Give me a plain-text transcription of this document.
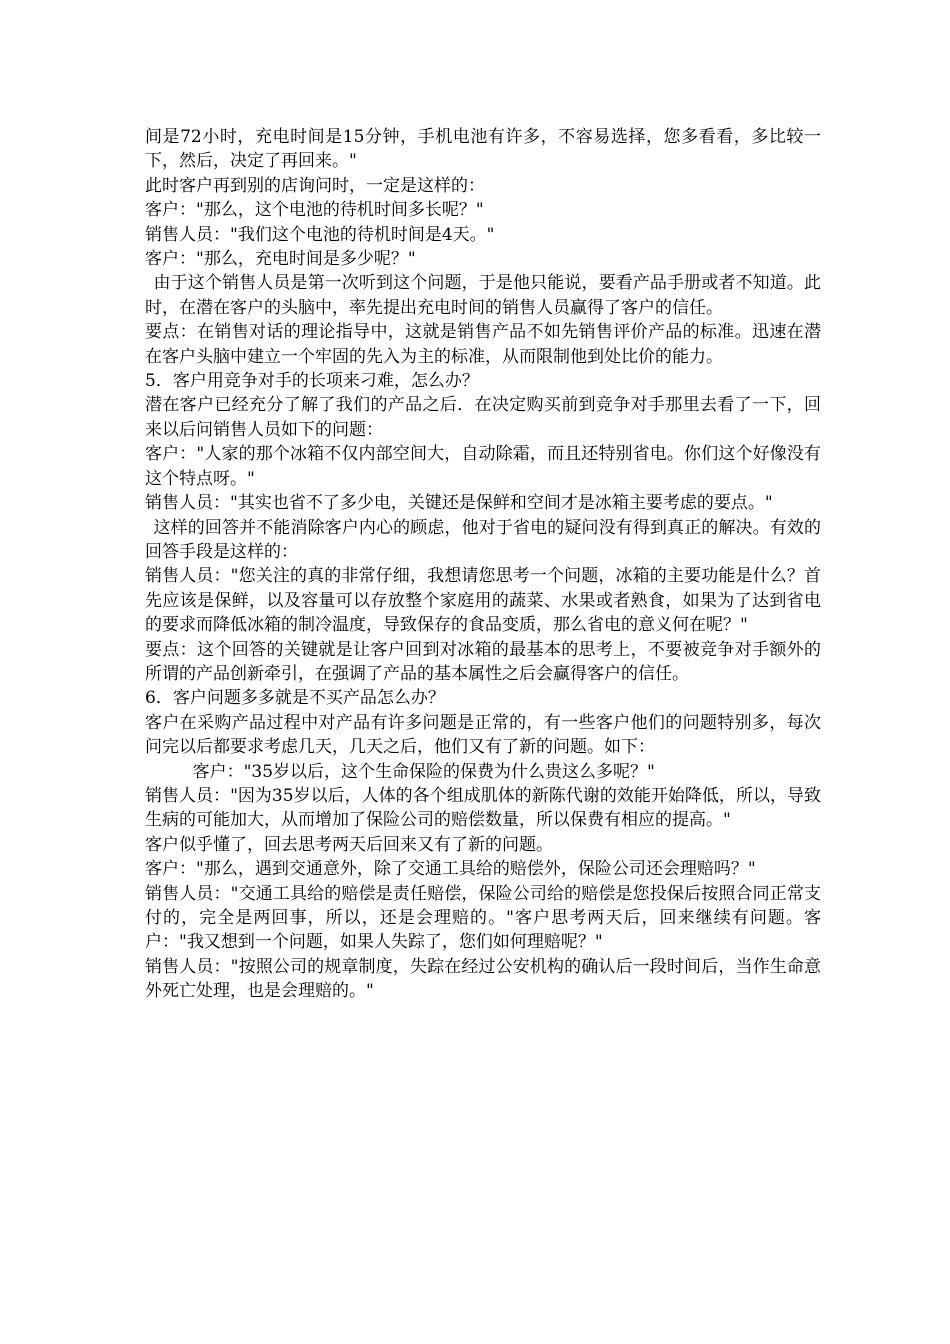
间是72小时，充电时间是15分钟，手机电池有许多，不容易选择，您多看看，多比较一下，然后，决定了再回来。"

此时客户再到别的店询问时，一定是这样的：

客户："那么，这个电池的待机时间多长呢？"

销售人员："我们这个电池的待机时间是4天。"

客户："那么，充电时间是多少呢？"

由于这个销售人员是第一次听到这个问题，于是他只能说，要看产品手册或者不知道。此时，在潜在客户的头脑中，率先提出充电时间的销售人员赢得了客户的信任。

要点：在销售对话的理论指导中，这就是销售产品不如先销售评价产品的标准。迅速在潜在客户头脑中建立一个牢固的先入为主的标准，从而限制他到处比价的能力。

5．客户用竞争对手的长项来刁难，怎么办？

潜在客户已经充分了解了我们的产品之后．在决定购买前到竞争对手那里去看了一下，回来以后问销售人员如下的问题：

客户："人家的那个冰箱不仅内部空间大，自动除霜，而且还特别省电。你们这个好像没有这个特点呀。"

销售人员："其实也省不了多少电，关键还是保鲜和空间才是冰箱主要考虑的要点。"

这样的回答并不能消除客户内心的顾虑，他对于省电的疑问没有得到真正的解决。有效的回答手段是这样的：

销售人员："您关注的真的非常仔细，我想请您思考一个问题，冰箱的主要功能是什么？首先应该是保鲜，以及容量可以存放整个家庭用的蔬菜、水果或者熟食，如果为了达到省电的要求而降低冰箱的制冷温度，导致保存的食品变质，那么省电的意义何在呢？"

要点：这个回答的关键就是让客户回到对冰箱的最基本的思考上，不要被竞争对手额外的所谓的产品创新牵引，在强调了产品的基本属性之后会赢得客户的信任。

6．客户问题多多就是不买产品怎么办？

客户在采购产品过程中对产品有许多问题是正常的，有一些客户他们的问题特别多，每次问完以后都要求考虑几天，几天之后，他们又有了新的问题。如下：

客户："35岁以后，这个生命保险的保费为什么贵这么多呢？"

销售人员："因为35岁以后，人体的各个组成肌体的新陈代谢的效能开始降低，所以，导致生病的可能加大，从而增加了保险公司的赔偿数量，所以保费有相应的提高。"

客户似乎懂了，回去思考两天后回来又有了新的问题。

客户："那么，遇到交通意外，除了交通工具给的赔偿外，保险公司还会理赔吗？"

销售人员："交通工具给的赔偿是责任赔偿，保险公司给的赔偿是您投保后按照合同正常支付的，完全是两回事，所以，还是会理赔的。"客户思考两天后，回来继续有问题。客户："我又想到一个问题，如果人失踪了，您们如何理赔呢？"

销售人员："按照公司的规章制度，失踪在经过公安机构的确认后一段时间后，当作生命意外死亡处理，也是会理赔的。"
